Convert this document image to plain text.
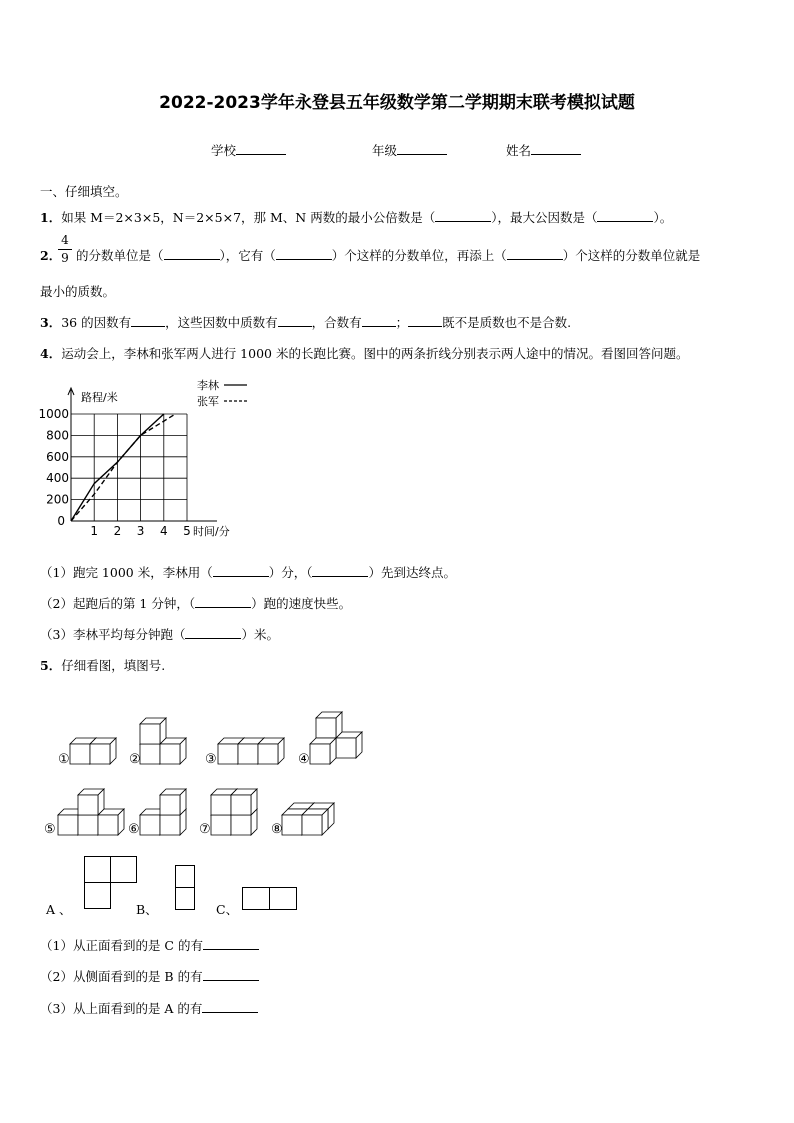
2022-2023学年永登县五年级数学第二学期期末联考模拟试题
学校	年级	姓名
一、仔细填空。
1．如果 M＝2×3×5，N＝2×5×7，那 M、N 两数的最小公倍数是（	），最大公因数是（	）。
2．
4
9 的分数单位是（	），它有（	）个这样的分数单位，再添上（	）个这样的分数单位就是
最小的质数。
3．36 的因数有	，这些因数中质数有	，合数有	；	既不是质数也不是合数.
4．运动会上，李林和张军两人进行 1000 米的长跑比赛。图中的两条折线分别表示两人途中的情况。看图回答问题。
1 2 3 4 5
200
400
600
800
1000
0
路程/米
时间/分
李林
张军
（1）跑完 1000 米，李林用（	）分，（	）先到达终点。
（2）起跑后的第 1 分钟，（	）跑的速度快些。
（3）李林平均每分钟跑（	）米。
5．仔细看图，填图号.
①	②	③	④
⑤	⑥	⑦	⑧
A 、	B、	C、
（1）从正面看到的是 C 的有
（2）从侧面看到的是 B 的有
（3）从上面看到的是 A 的有
